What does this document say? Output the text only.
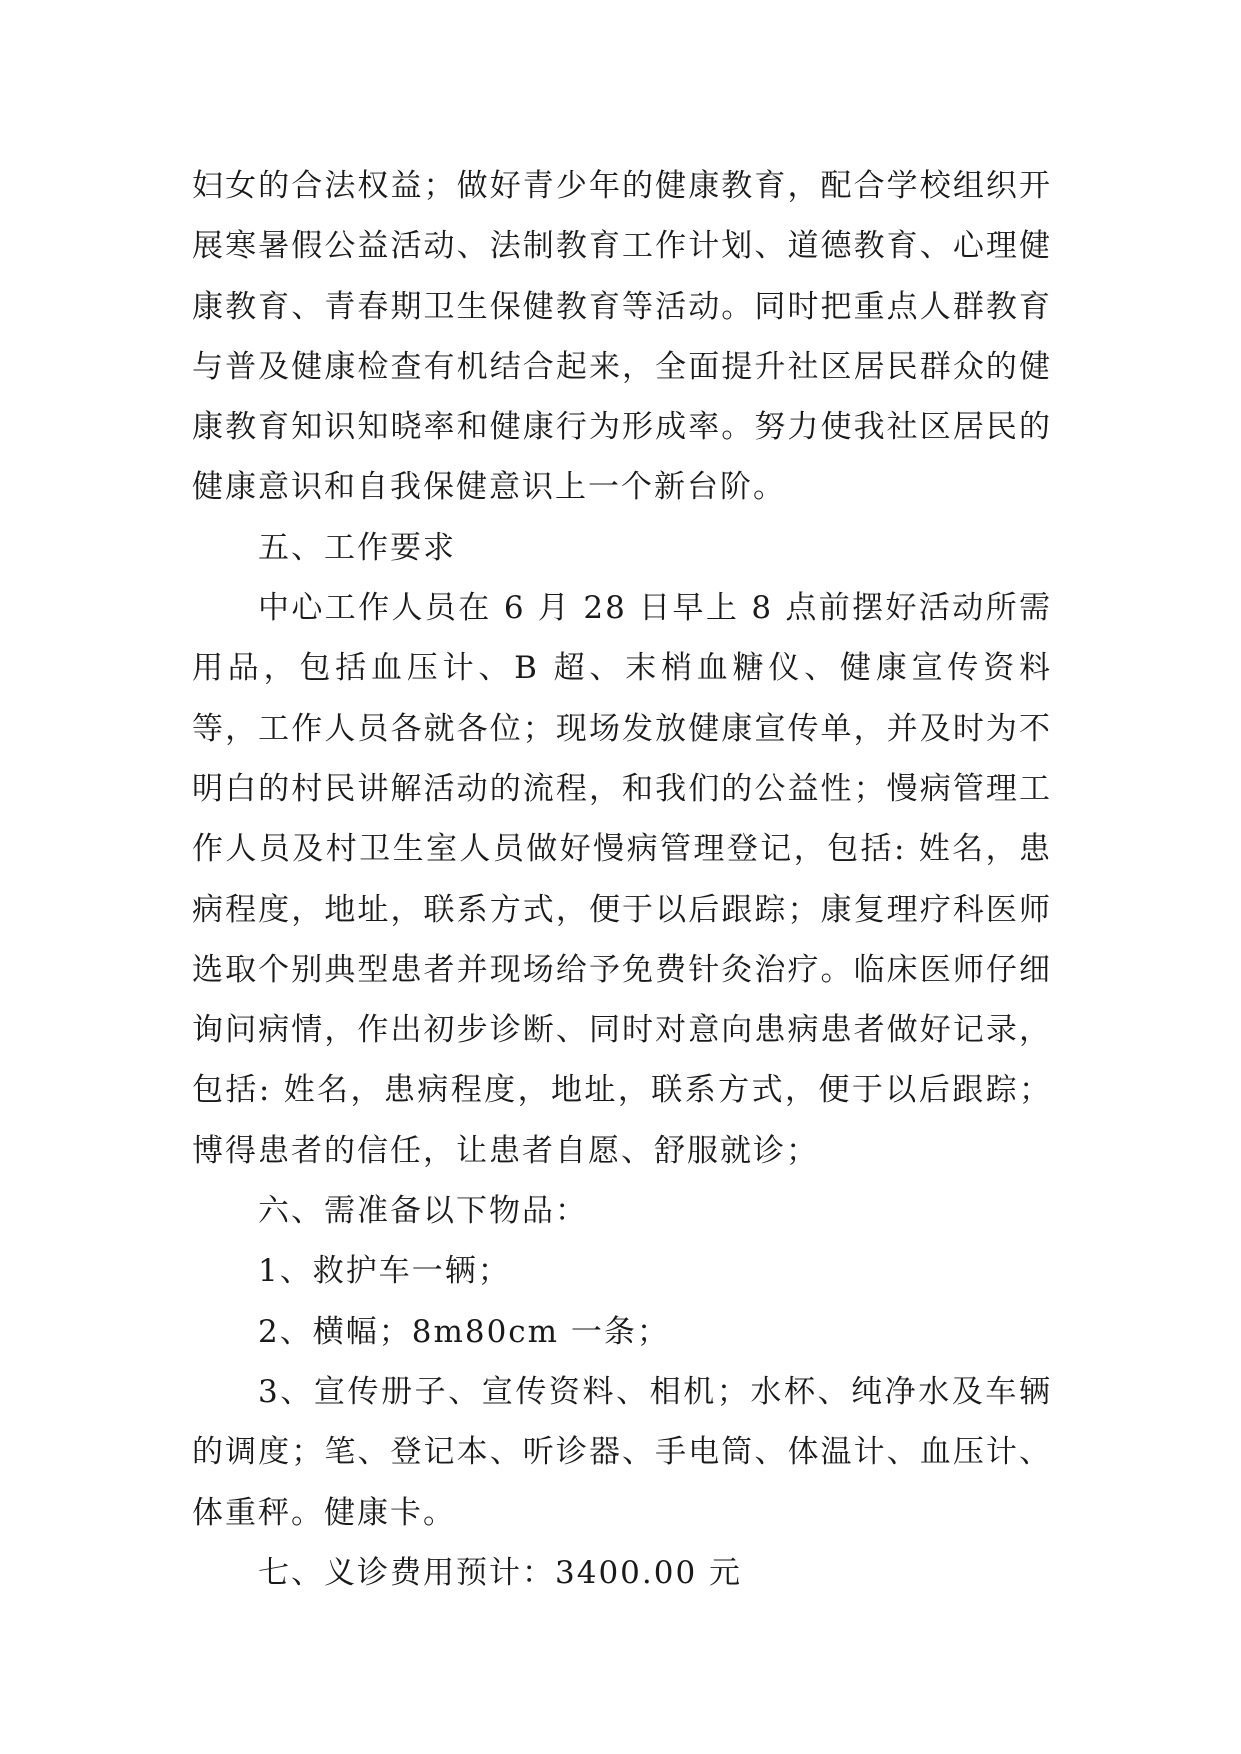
妇女的合法权益；做好青少年的健康教育，配合学校组织开展寒暑假公益活动、法制教育工作计划、道德教育、心理健康教育、青春期卫生保健教育等活动。同时把重点人群教育与普及健康检查有机结合起来，全面提升社区居民群众的健康教育知识知晓率和健康行为形成率。努力使我社区居民的健康意识和自我保健意识上一个新台阶。

五、工作要求

中心工作人员在 6 月 28 日早上 8 点前摆好活动所需用品，包括血压计、B 超、末梢血糖仪、健康宣传资料等，工作人员各就各位；现场发放健康宣传单，并及时为不明白的村民讲解活动的流程，和我们的公益性；慢病管理工作人员及村卫生室人员做好慢病管理登记，包括: 姓名，患病程度，地址，联系方式，便于以后跟踪；康复理疗科医师选取个别典型患者并现场给予免费针灸治疗。临床医师仔细询问病情，作出初步诊断、同时对意向患病患者做好记录，包括: 姓名，患病程度，地址，联系方式，便于以后跟踪；博得患者的信任，让患者自愿、舒服就诊；

六、需准备以下物品：

1、救护车一辆；

2、横幅；8m80cm 一条；

3、宣传册子、宣传资料、相机；水杯、纯净水及车辆的调度；笔、登记本、听诊器、手电筒、体温计、血压计、体重秤。健康卡。

七、义诊费用预计：3400.00 元
